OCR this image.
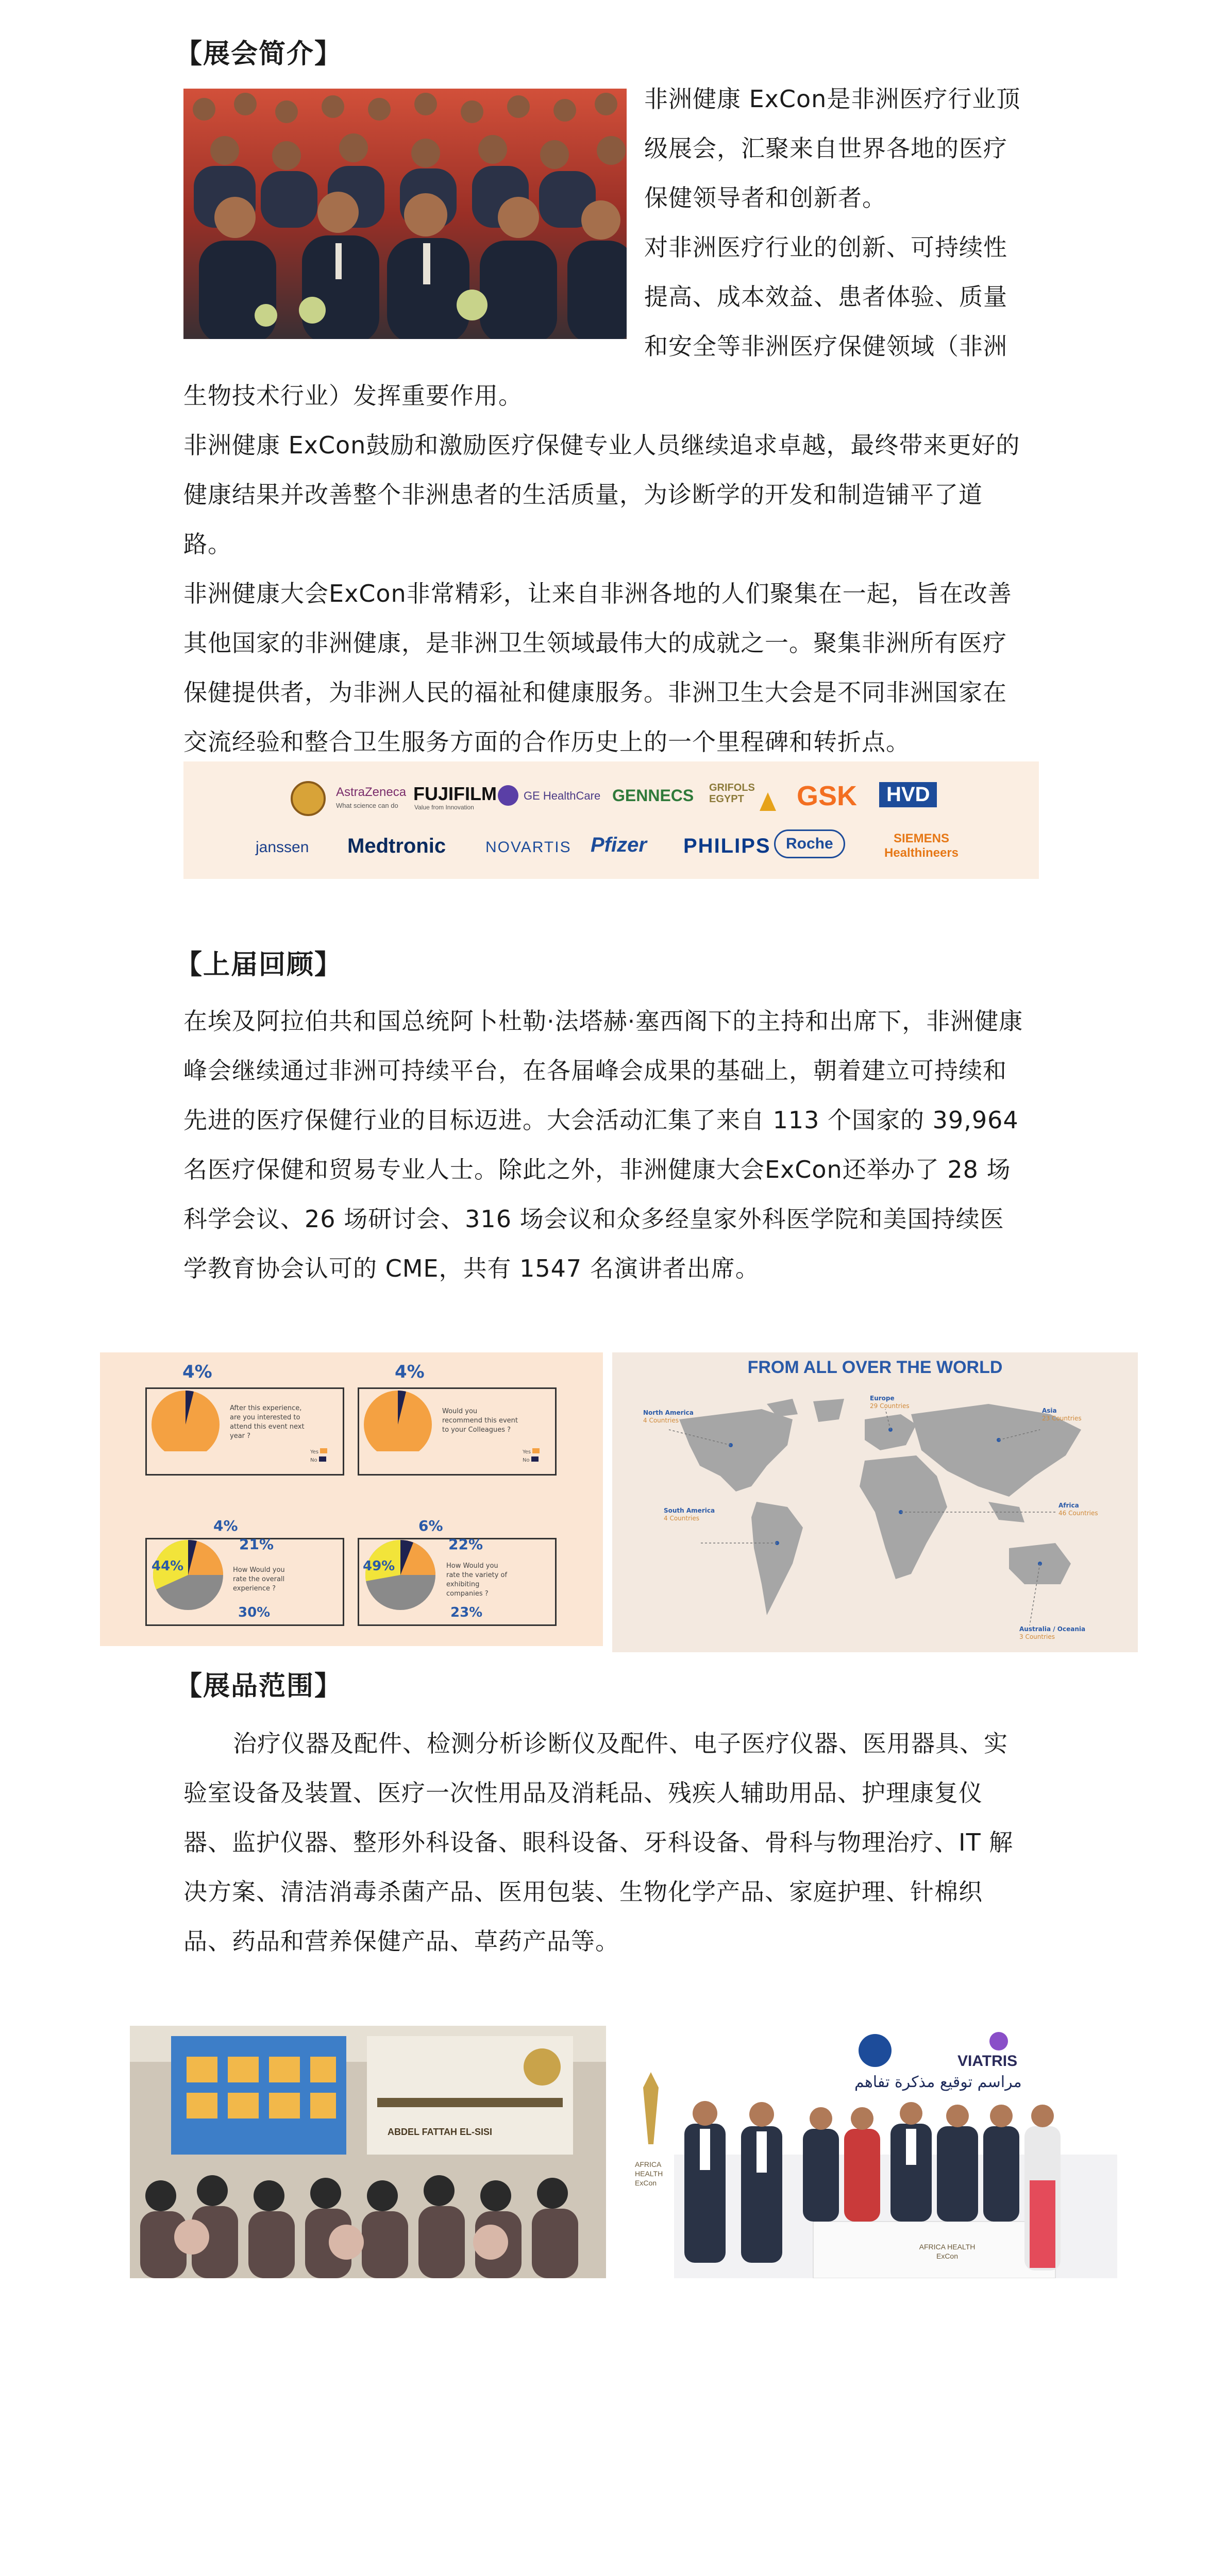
【展会简介】

非洲健康 ExCon是非洲医疗行业顶

级展会，汇聚来自世界各地的医疗

保健领导者和创新者。

对非洲医疗行业的创新、可持续性

提高、成本效益、患者体验、质量

和安全等非洲医疗保健领域（非洲

生物技术行业）发挥重要作用。

非洲健康 ExCon鼓励和激励医疗保健专业人员继续追求卓越，最终带来更好的

健康结果并改善整个非洲患者的生活质量，为诊断学的开发和制造铺平了道

路。

非洲健康大会ExCon非常精彩，让来自非洲各地的人们聚集在一起，旨在改善

其他国家的非洲健康，是非洲卫生领域最伟大的成就之一。聚集非洲所有医疗

保健提供者，为非洲人民的福祉和健康服务。非洲卫生大会是不同非洲国家在

交流经验和整合卫生服务方面的合作历史上的一个里程碑和转折点。

AstraZeneca
What science can do
FUJIFILM
Value from Innovation
GE HealthCare GENNECS GRIFOLS EGYPT	GSK	HVD
janssen Medtronic	NOVARTIS Pfizer PHILIPS Roche	SIEMENS Healthineers
【上届回顾】

在埃及阿拉伯共和国总统阿卜杜勒·法塔赫·塞西阁下的主持和出席下，非洲健康

峰会继续通过非洲可持续平台，在各届峰会成果的基础上，朝着建立可持续和

先进的医疗保健行业的目标迈进。大会活动汇集了来自 113 个国家的 39,964

名医疗保健和贸易专业人士。除此之外，非洲健康大会ExCon还举办了 28 场

科学会议、26 场研讨会、316 场会议和众多经皇家外科医学院和美国持续医

学教育协会认可的 CME，共有 1547 名演讲者出席。

4%
After this experience, are you interested to attend this event next year ?
Yes
No
4%
Would you recommend this event to your Colleagues ?
Yes
No
4%
21%
44%
30%
How Would you rate the overall experience ?
6%
22%
49%
23%
How Would you rate the variety of exhibiting companies ?
FROM ALL OVER THE WORLD
North America
4 Countries
Europe
29 Countries
Asia
23 Countries
South America
4 Countries
Africa
46 Countries
Australia / Oceania
3 Countries
【展品范围】

治疗仪器及配件、检测分析诊断仪及配件、电子医疗仪器、医用器具、实

验室设备及装置、医疗一次性用品及消耗品、残疾人辅助用品、护理康复仪

器、监护仪器、整形外科设备、眼科设备、牙科设备、骨科与物理治疗、IT 解

决方案、清洁消毒杀菌产品、医用包装、生物化学产品、家庭护理、针棉织

品、药品和营养保健产品、草药产品等。

ABDEL FATTAH EL-SISI
VIATRIS
مراسم توقيع مذكرة تفاهم
AFRICA HEALTH ExCon
AFRICA HEALTH ExCon
